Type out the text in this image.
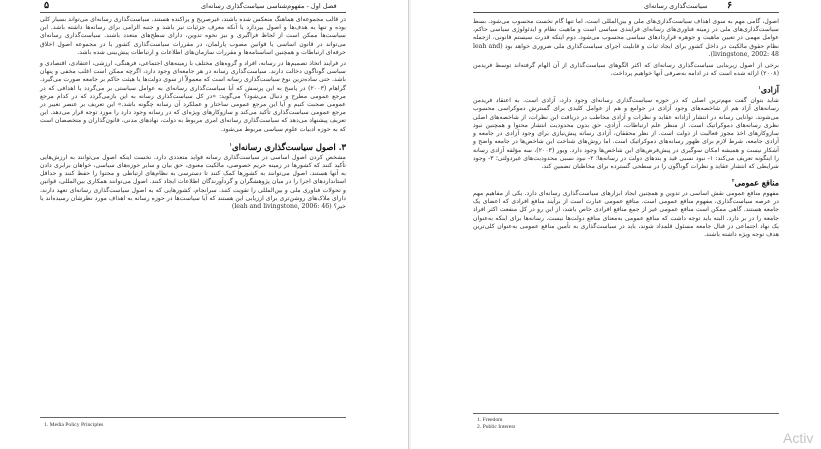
۵	فصل اول - مفهوم‌شناسی سیاست‌گذاری رسانه‌ای

در قالب مجموعه‌ای هماهنگ منعکس شده باشند، غیرصریح و پراکنده هستند. سیاست‌گذاری رسانه‌ای می‌تواند بسیار کلی بوده و تنها به هدف‌ها و اصول بپردازد یا آنکه معرف جزئیات نیز باشد و جنبه الزامی برای رسانه‌ها داشته باشد. این سیاست‌ها ممکن است از لحاظ فراگیری و نیز نحوه تدوین، دارای سطح‌های متعدد باشند. سیاست‌گذاری رسانه‌ای می‌تواند در قانون اساسی یا قوانین مصوب پارلمان، در مقررات سیاست‌گذاری کشور یا در مجموعه اصول اخلاق حرفه‌ای ارتباطات و همچنین اساسنامه‌ها و مقررات سازمان‌های اطلاعات و ارتباطات پیش‌بینی شده باشد.

در فرایند اتخاذ تصمیم‌ها در رسانه، افراد و گروه‌های مختلف با زمینه‌های اجتماعی، فرهنگی، ارزشی، اعتقادی، اقتصادی و سیاسی گوناگون دخالت دارند. سیاست‌گذاری رسانه در هر جامعه‌ای وجود دارد، اگرچه ممکن است اغلب مخفی و پنهان باشد. حتی ساده‌ترین نوع سیاست‌گذاری رسانه است که معمولاً از سوی دولت‌ها یا هیئت حاکم بر جامعه صورت می‌گیرد. گراهام (۲۰۰۳) در پاسخ به این پرسش که آیا سیاست‌گذاری رسانه‌ای به عوامل سیاستی بر می‌گردد یا اهدافی که در مرجع عمومی مطرح و دنبال می‌شود؟ می‌گوید: «در کل سیاست‌گذاری رسانه به این بازمی‌گردد که در کدام مرجع عمومی صحبت کنیم و آیا این مرجع عمومی ساختار و عملکرد آن رسانه چگونه باشد.» این تعریف بر عنصر تغییر در مرجع عمومی سیاست‌گذاری تأکید می‌کند و سازوکارهای ویژه‌ای که در رسانه وجود دارد را مورد توجه قرار می‌دهد. این تعریف پیشنهاد می‌دهد که سیاست‌گذاری رسانه‌ای امری مربوط به دولت، نهادهای مدنی، قانون‌گذاران و متخصصان است که به حوزه ادبیات علوم سیاسی مربوط می‌شود.

۳. اصول سیاست‌گذاری رسانه‌ای$^۱$

مشخص کردن اصول اساسی در سیاست‌گذاری رسانه فواید متعددی دارد. نخست اینکه اصول می‌توانند به ارزش‌هایی تأکید کنند که کشورها در زمینه حریم خصوصی، مالکیت معنوی، حق بیان و سایر حوزه‌های سیاسی، خواهان برابری دادن به آنها هستند. اصول می‌توانند به کشورها کمک کنند تا دسترسی به نظام‌های ارتباطی و محتوا را حفظ کنند و حداقل استانداردهای اجرا را در میان پژوهشگران و گردآورندگان اطلاعات ایجاد کنند. اصول می‌توانند همکاری بین‌المللی، قوانین و تحولات فناوری ملی و بین‌المللی را تقویت کنند. سرانجام، کشورهایی که به اصول سیاست‌گذاری رسانه‌ای تعهد دارند، دارای ملاک‌های روشن‌تری برای ارزیابی این هستند که آیا سیاست‌ها در حوزه رسانه به اهداف مورد نظرشان رسیده‌اند یا خیر؟ (leah and livingstone, 2006: 46)

1. Media Policy Principles
۶
سیاست‌گذاری رسانه‌ای

اصول، گامی مهم به سوی اهداف سیاست‌گذاری‌های ملی و بین‌المللی است، اما تنها گام نخست محسوب می‌شود. بسط سیاست‌گذاری‌های ملی در زمینه فناوری‌های رسانه‌ای فرایندی سیاسی است و ماهیت نظام و ایدئولوژی سیاسی حاکم، عوامل مهمی در تعیین ماهیت و جوهره قراردادهای سیاسی محسوب می‌شود. دوم اینکه قدرت سیستم قانونی، ازجمله نظام حقوق مالکیت در داخل کشور برای ایجاد ثبات و قابلیت اجرای سیاست‌گذاری ملی ضروری خواهد بود (leah and livingstone, 2002: 48).

برخی از اصول زیربنایی سیاست‌گذاری رسانه‌ای که اکثر الگوهای سیاست‌گذاری از آن الهام گرفته‌اند توسط فریدمن (۲۰۰۸) ارائه شده است که در ادامه به‌صرفی آنها خواهیم پرداخت.

آزادی$^۱$

شاید بتوان گفت مهم‌ترین اصلی که در حوزه سیاست‌گذاری رسانه‌ای وجود دارد، آزادی است. به اعتقاد فریدمن رسانه‌های آزاد هم از شاخصه‌های وجود آزادی در جوامع و هم از عوامل کلیدی برای گسترش دموکراسی محسوب می‌شوند. توانایی رسانه در انتشار آزادانه عقاید و نظرات و آزادی مخاطب در دریافت این نظرات، از شاخصه‌های اصلی نظری رسانه‌های دموکراتیک است. از منظر علم ارتباطات، آزادی، حق بدون محدودیت انتشار محتوا و همچنین نبود سازوکارهای اخذ مجوز فعالیت از دولت است. از نظر محققان، آزادی رسانه پیش‌نیازی برای وجود آزادی در جامعه و آزادی جامعه، شرط لازم برای ظهور رسانه‌های دموکراتیک است. اما روش‌های شناخت این شاخص‌ها در جامعه واضح و آشکار نیست و همیشه امکان سوگیری در پیش‌فرض‌های این شاخص‌ها وجود دارد. ویور (۲۰۰۳)، سه مؤلفه آزادی رسانه را اینگونه تعریف می‌کند: ۱- نبود نسبی قید و بندهای دولت در رسانه‌ها؛ ۲- نبود نسبی محدودیت‌های غیردولتی؛ ۳- وجود شرایطی که انتشار عقاید و نظرات گوناگون را در سطحی گسترده برای مخاطبان تضمین کند.

منافع عمومی$^۲$

مفهوم منافع عمومی نقش اساسی در تدوین و همچنین ایجاد ابزارهای سیاست‌گذاری رسانه‌ای دارد. یکی از مفاهیم مهم در عرصه سیاست‌گذاری، مفهوم منافع عمومی است. منافع عمومی عبارت است از برآیند منافع افرادی که اعضای یک جامعه هستند. گاهی ممکن است منافع عمومی غیر از جمع منافع افرادی خاص باشد، از این رو در کل منفعت اکثر افراد جامعه را در بر دارد. البته باید توجه داشت که منافع عمومی به‌معنای منافع دولت‌ها نیست. رسانه‌ها برای اینکه به‌عنوان یک نهاد اجتماعی در قبال جامعه مسئول قلمداد شوند، باید در سیاست‌گذاری به تأمین منافع عمومی به‌عنوان کلی‌ترین هدف توجه ویژه داشته باشند.

1. Freedom
2. Public Interest
Activ
